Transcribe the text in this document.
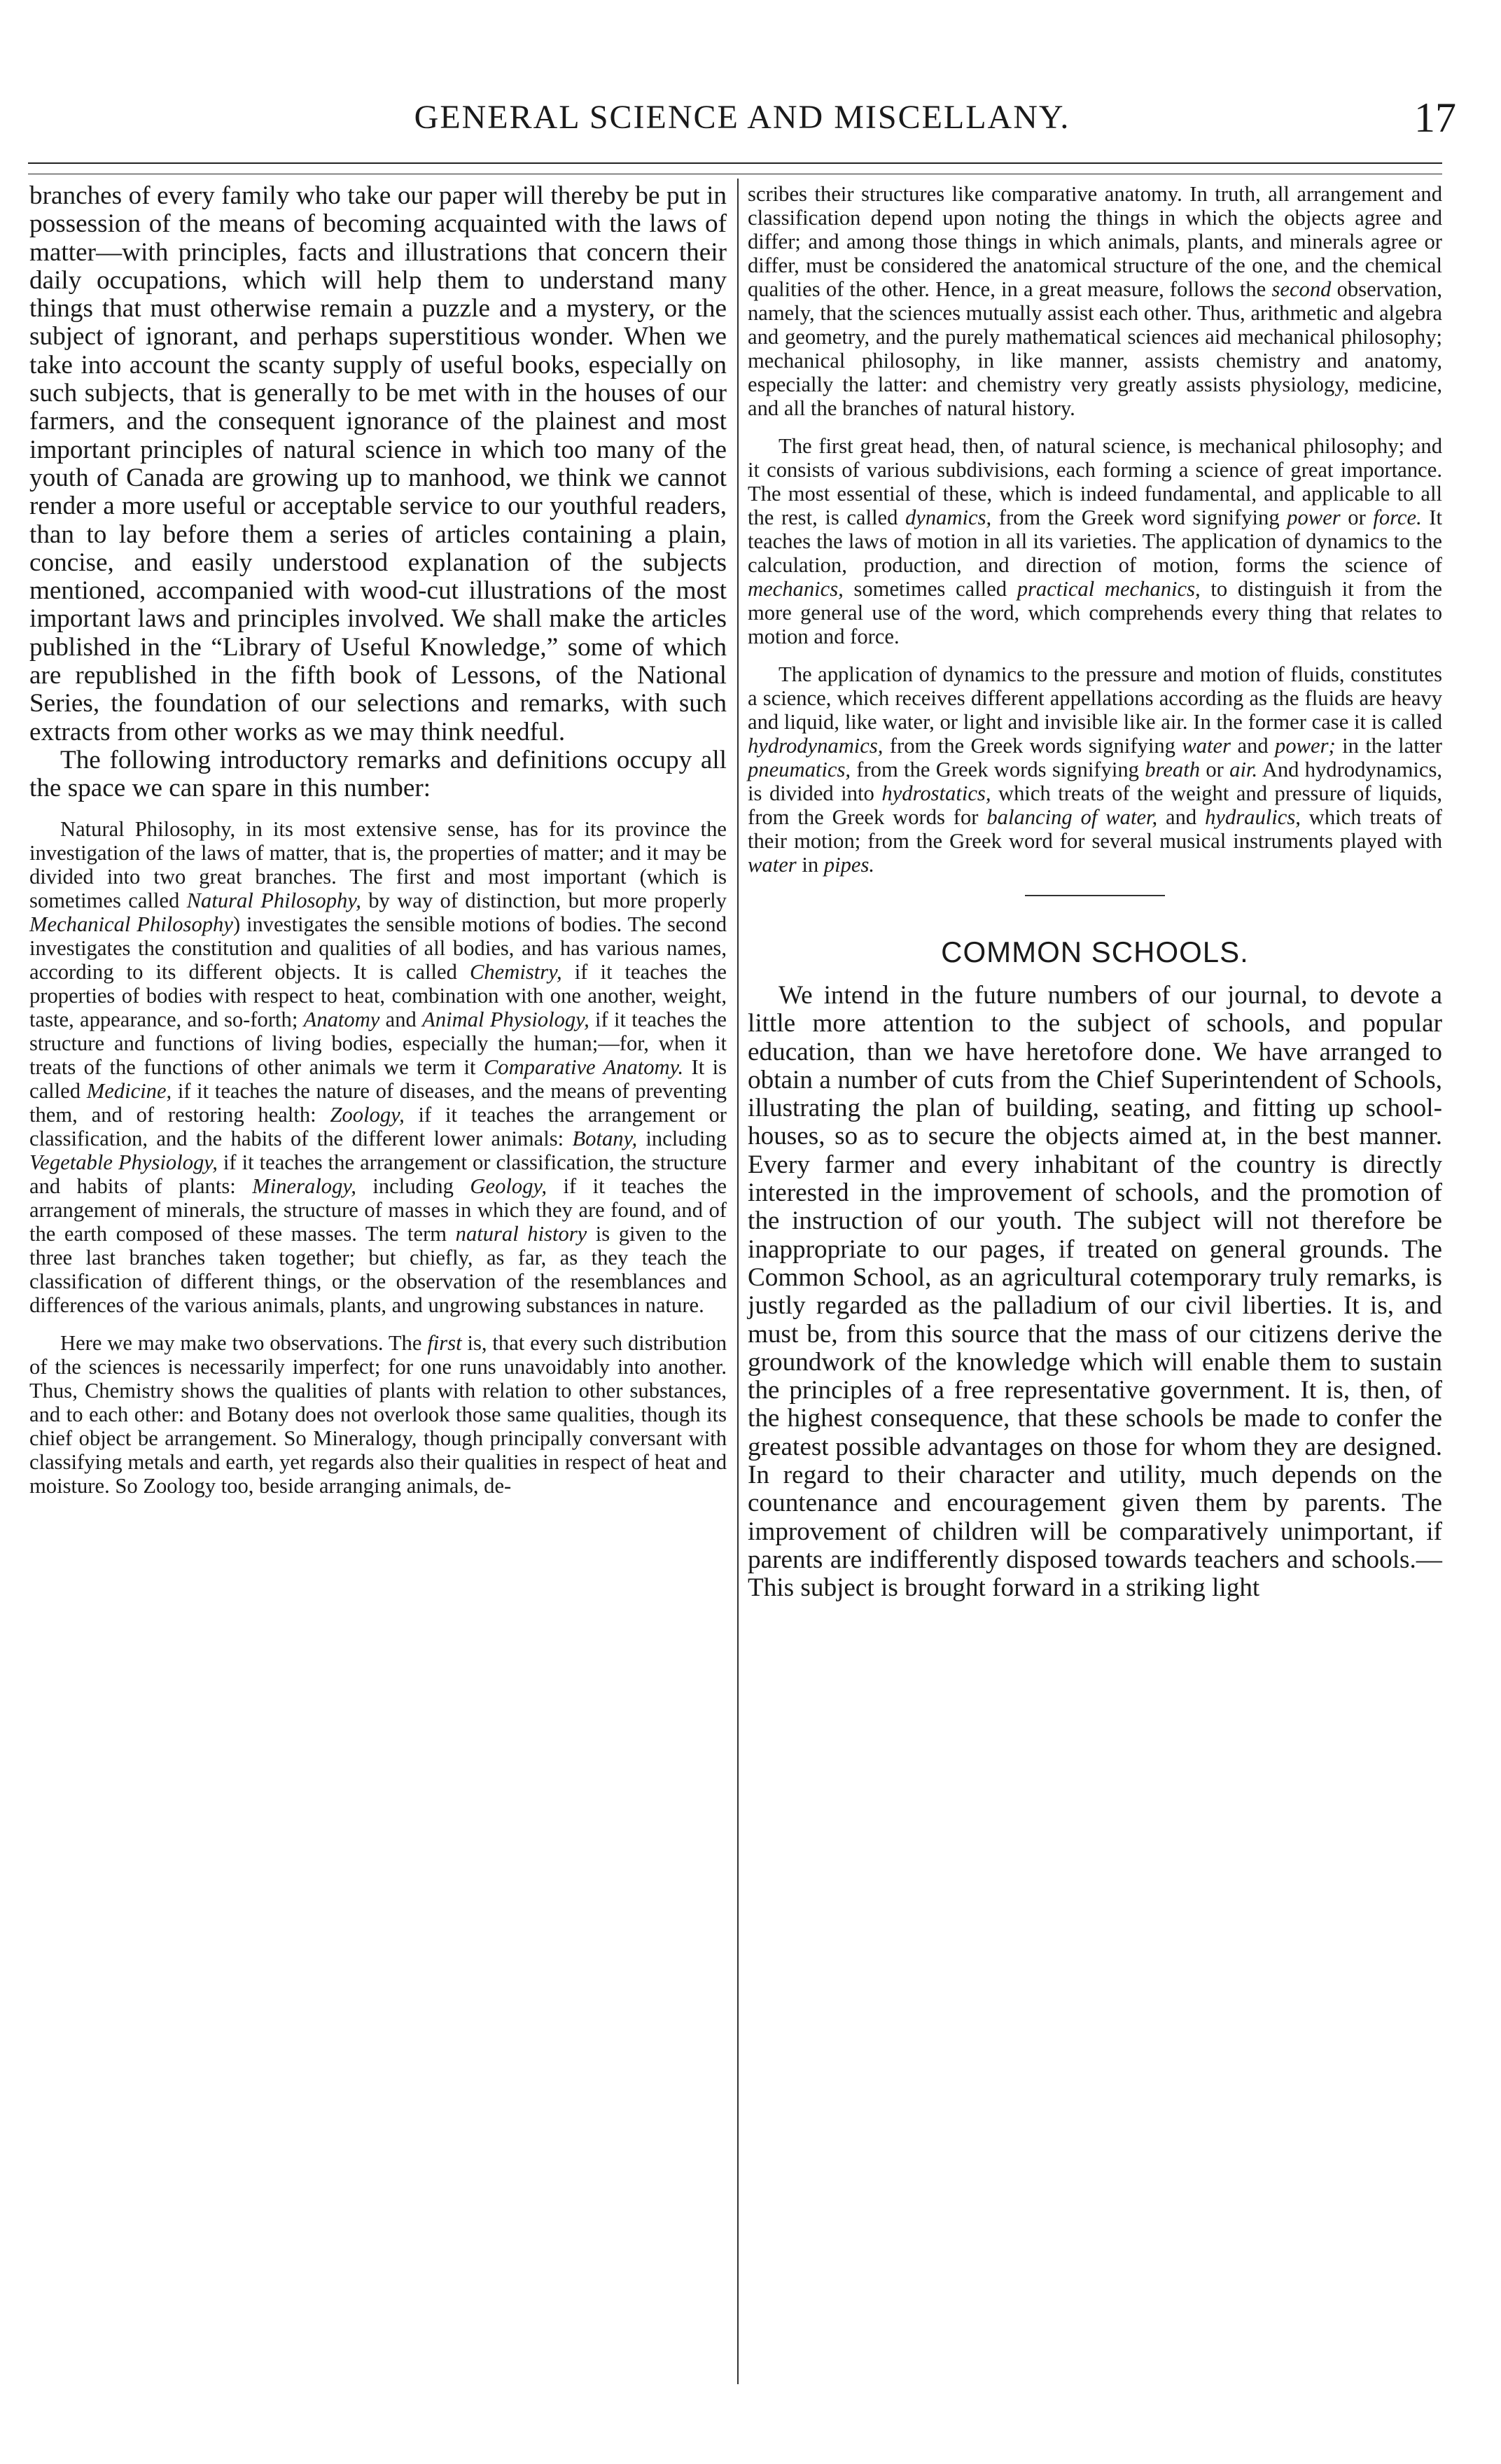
GENERAL SCIENCE AND MISCELLANY.	17

branches of every family who take our paper will thereby be put in possession of the means of becoming acquainted with the laws of matter—with principles, facts and illustrations that concern their daily occupations, which will help them to understand many things that must otherwise remain a puzzle and a mystery, or the subject of ignorant, and perhaps superstitious wonder. When we take into account the scanty supply of useful books, especially on such subjects, that is generally to be met with in the houses of our farmers, and the consequent ignorance of the plainest and most important principles of natural science in which too many of the youth of Canada are growing up to manhood, we think we cannot render a more useful or acceptable service to our youthful readers, than to lay before them a series of articles containing a plain, concise, and easily understood explanation of the subjects mentioned, accompanied with wood-cut illustrations of the most important laws and principles involved. We shall make the articles published in the “Library of Useful Knowledge,” some of which are republished in the fifth book of Lessons, of the National Series, the foundation of our selections and remarks, with such extracts from other works as we may think needful.

The following introductory remarks and definitions occupy all the space we can spare in this number:

Natural Philosophy, in its most extensive sense, has for its province the investigation of the laws of matter, that is, the properties of matter; and it may be divided into two great branches. The first and most important (which is sometimes called Natural Philosophy, by way of distinction, but more properly Mechanical Philosophy) investigates the sensible motions of bodies. The second investigates the constitution and qualities of all bodies, and has various names, according to its different objects. It is called Chemistry, if it teaches the properties of bodies with respect to heat, combination with one another, weight, taste, appearance, and so-forth; Anatomy and Animal Physiology, if it teaches the structure and functions of living bodies, especially the human;—for, when it treats of the functions of other animals we term it Comparative Anatomy. It is called Medicine, if it teaches the nature of diseases, and the means of preventing them, and of restoring health: Zoology, if it teaches the arrangement or classification, and the habits of the different lower animals: Botany, including Vegetable Physiology, if it teaches the arrangement or classification, the structure and habits of plants: Mineralogy, including Geology, if it teaches the arrangement of minerals, the structure of masses in which they are found, and of the earth composed of these masses. The term natural history is given to the three last branches taken together; but chiefly, as far, as they teach the classification of different things, or the observation of the resemblances and differences of the various animals, plants, and ungrowing substances in nature.

Here we may make two observations. The first is, that every such distribution of the sciences is necessarily imperfect; for one runs unavoidably into another. Thus, Chemistry shows the qualities of plants with relation to other substances, and to each other: and Botany does not overlook those same qualities, though its chief object be arrangement. So Mineralogy, though principally conversant with classifying metals and earth, yet regards also their qualities in respect of heat and moisture. So Zoology too, beside arranging animals, de-

scribes their structures like comparative anatomy. In truth, all arrangement and classification depend upon noting the things in which the objects agree and differ; and among those things in which animals, plants, and minerals agree or differ, must be considered the anatomical structure of the one, and the chemical qualities of the other. Hence, in a great measure, follows the second observation, namely, that the sciences mutually assist each other. Thus, arithmetic and algebra and geometry, and the purely mathematical sciences aid mechanical philosophy; mechanical philosophy, in like manner, assists chemistry and anatomy, especially the latter: and chemistry very greatly assists physiology, medicine, and all the branches of natural history.

The first great head, then, of natural science, is mechanical philosophy; and it consists of various subdivisions, each forming a science of great importance. The most essential of these, which is indeed fundamental, and applicable to all the rest, is called dynamics, from the Greek word signifying power or force. It teaches the laws of motion in all its varieties. The application of dynamics to the calculation, production, and direction of motion, forms the science of mechanics, sometimes called practical mechanics, to distinguish it from the more general use of the word, which comprehends every thing that relates to motion and force.

The application of dynamics to the pressure and motion of fluids, constitutes a science, which receives different appellations according as the fluids are heavy and liquid, like water, or light and invisible like air. In the former case it is called hydrodynamics, from the Greek words signifying water and power; in the latter pneumatics, from the Greek words signifying breath or air. And hydrodynamics, is divided into hydrostatics, which treats of the weight and pressure of liquids, from the Greek words for balancing of water, and hydraulics, which treats of their motion; from the Greek word for several musical instruments played with water in pipes.

COMMON SCHOOLS.

We intend in the future numbers of our journal, to devote a little more attention to the subject of schools, and popular education, than we have heretofore done. We have arranged to obtain a number of cuts from the Chief Superintendent of Schools, illustrating the plan of building, seating, and fitting up school-houses, so as to secure the objects aimed at, in the best manner. Every farmer and every inhabitant of the country is directly interested in the improvement of schools, and the promotion of the instruction of our youth. The subject will not therefore be inappropriate to our pages, if treated on general grounds. The Common School, as an agricultural cotemporary truly remarks, is justly regarded as the palladium of our civil liberties. It is, and must be, from this source that the mass of our citizens derive the groundwork of the knowledge which will enable them to sustain the principles of a free representative government. It is, then, of the highest consequence, that these schools be made to confer the greatest possible advantages on those for whom they are designed. In regard to their character and utility, much depends on the countenance and encouragement given them by parents. The improvement of children will be comparatively unimportant, if parents are indifferently disposed towards teachers and schools.—This subject is brought forward in a striking light
